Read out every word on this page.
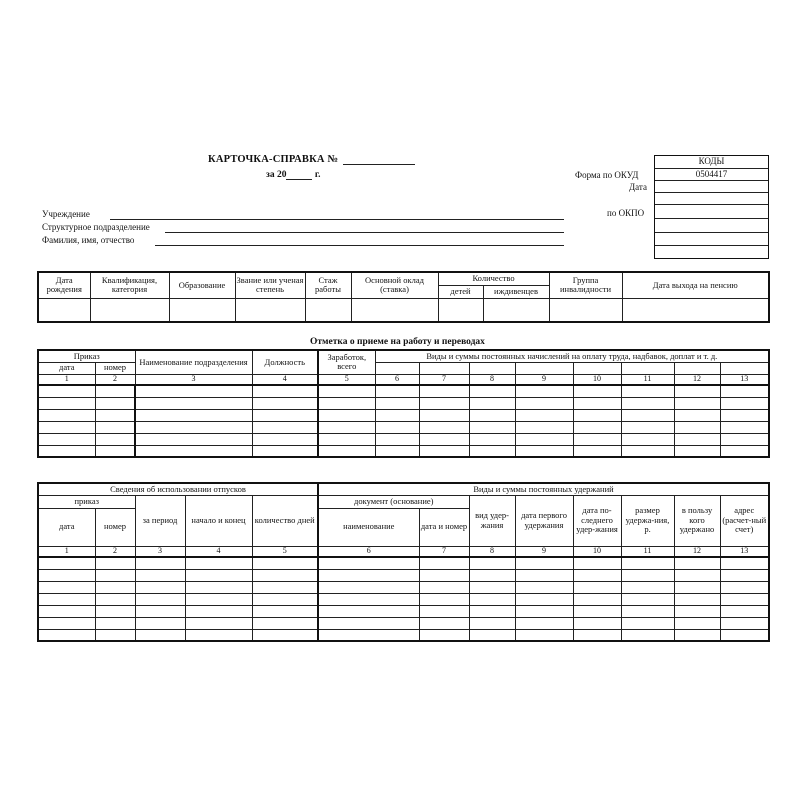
КАРТОЧКА-СПРАВКА №
за 20	г.
Учреждение
Структурное подразделение
Фамилия, имя, отчество
Форма по ОКУД
Дата
по ОКПО
КОДЫ
0504417
Дата рождения	Квалификация, категория	Образование	Звание или ученая степень	Стаж работы	Основной оклад (ставка)	Количество		Группа инвалидности	Дата выхода на пенсию
						детей	иждивенцев		

Отметка о приеме на работу и переводах
Приказ		Наименование подразделения	Должность	Заработок, всего	Виды и суммы постоянных начислений на оплату труда, надбавок, доплат и т. д.							
дата	номер											
1	2	3	4	5	6	7	8	9	10	11	12	13

Сведения об использовании отпусков					Виды и суммы постоянных удержаний							
приказ		за период	начало и конец	количество дней	документ (основание)		вид удер-жания	дата первого удержания	дата по-следнего удер-жания	размер удержа-ния, р.	в пользу кого удержано	адрес (расчет-ный счет)
дата	номер				наименование	дата и номер						
1	2	3	4	5	6	7	8	9	10	11	12	13
